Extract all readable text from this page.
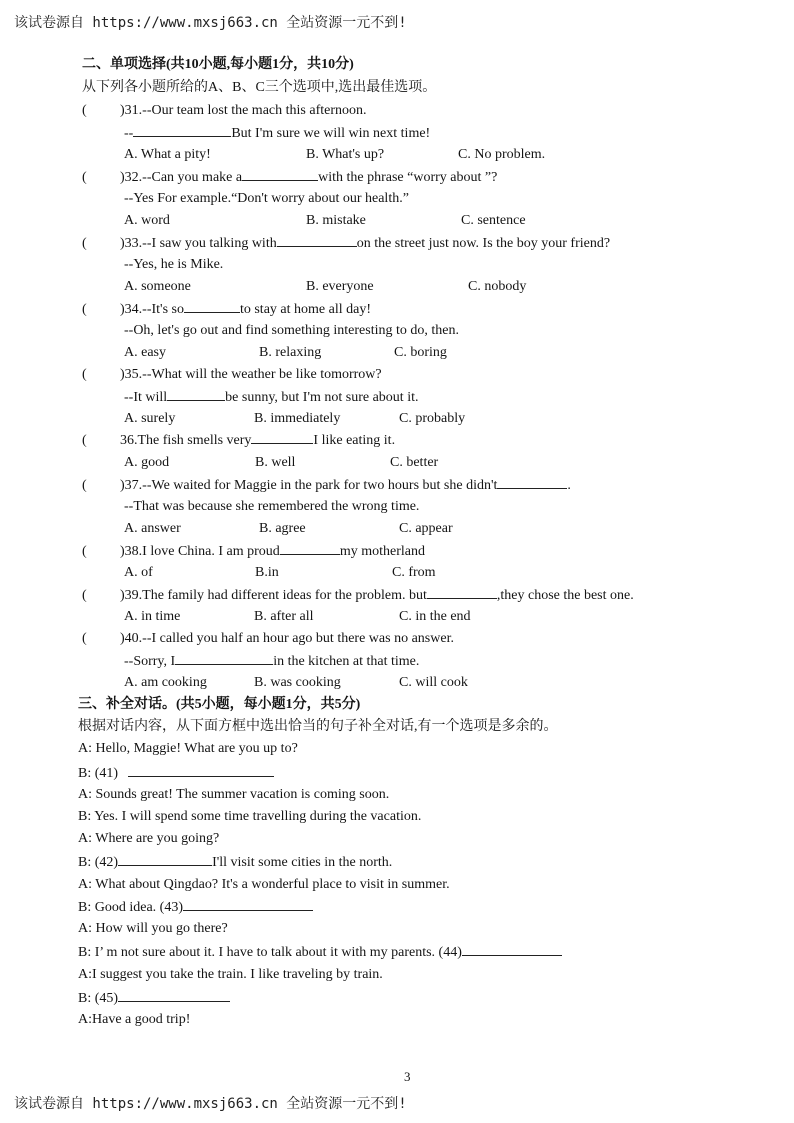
该试卷源自 https://www.mxsj663.cn 全站资源一元不到!
二、单项选择(共10小题,每小题1分，共10分)
从下列各小题所给的A、B、C三个选项中,选出最佳选项。
( )31.--Our team lost the mach this afternoon.
--	But I'm sure we will win next time!
A. What a pity!	B. What's up?	C. No problem.
( )32.--Can you make a	with the phrase “worry about ”?
--Yes For example.“Don't worry about our health.”
A. word	B. mistake	C. sentence
( )33.--I saw you talking with	on the street just now. Is the boy your friend?
--Yes, he is Mike.
A. someone	B. everyone	C. nobody
( )34.--It's so	to stay at home all day!
--Oh, let's go out and find something interesting to do, then.
A. easy	B. relaxing	C. boring
( )35.--What will the weather be like tomorrow?
--It will	be sunny, but I'm not sure about it.
A. surely	B. immediately	C. probably
( 36.The fish smells very	I like eating it.
A. good	B. well	C. better
( )37.--We waited for Maggie in the park for two hours but she didn't	.
--That was because she remembered the wrong time.
A. answer	B. agree	C. appear
( )38.I love China. I am proud	my motherland
A. of	B.in	C. from
( )39.The family had different ideas for the problem. but	,they chose the best one.
A. in time	B. after all	C. in the end
( )40.--I called you half an hour ago but there was no answer.
--Sorry, I	in the kitchen at that time.
A. am cooking	B. was cooking	C. will cook
三、补全对话。(共5小题，每小题1分，共5分)
根据对话内容，从下面方框中选出恰当的句子补全对话,有一个选项是多余的。
A: Hello, Maggie! What are you up to?
B: (41)
A: Sounds great! The summer vacation is coming soon.
B: Yes. I will spend some time travelling during the vacation.
A: Where are you going?
B: (42)	I'll visit some cities in the north.
A: What about Qingdao? It's a wonderful place to visit in summer.
B: Good idea. (43)
A: How will you go there?
B: I’ m not sure about it. I have to talk about it with my parents. (44)
A:I suggest you take the train. I like traveling by train.
B: (45)
A:Have a good trip!
3
该试卷源自 https://www.mxsj663.cn 全站资源一元不到!
